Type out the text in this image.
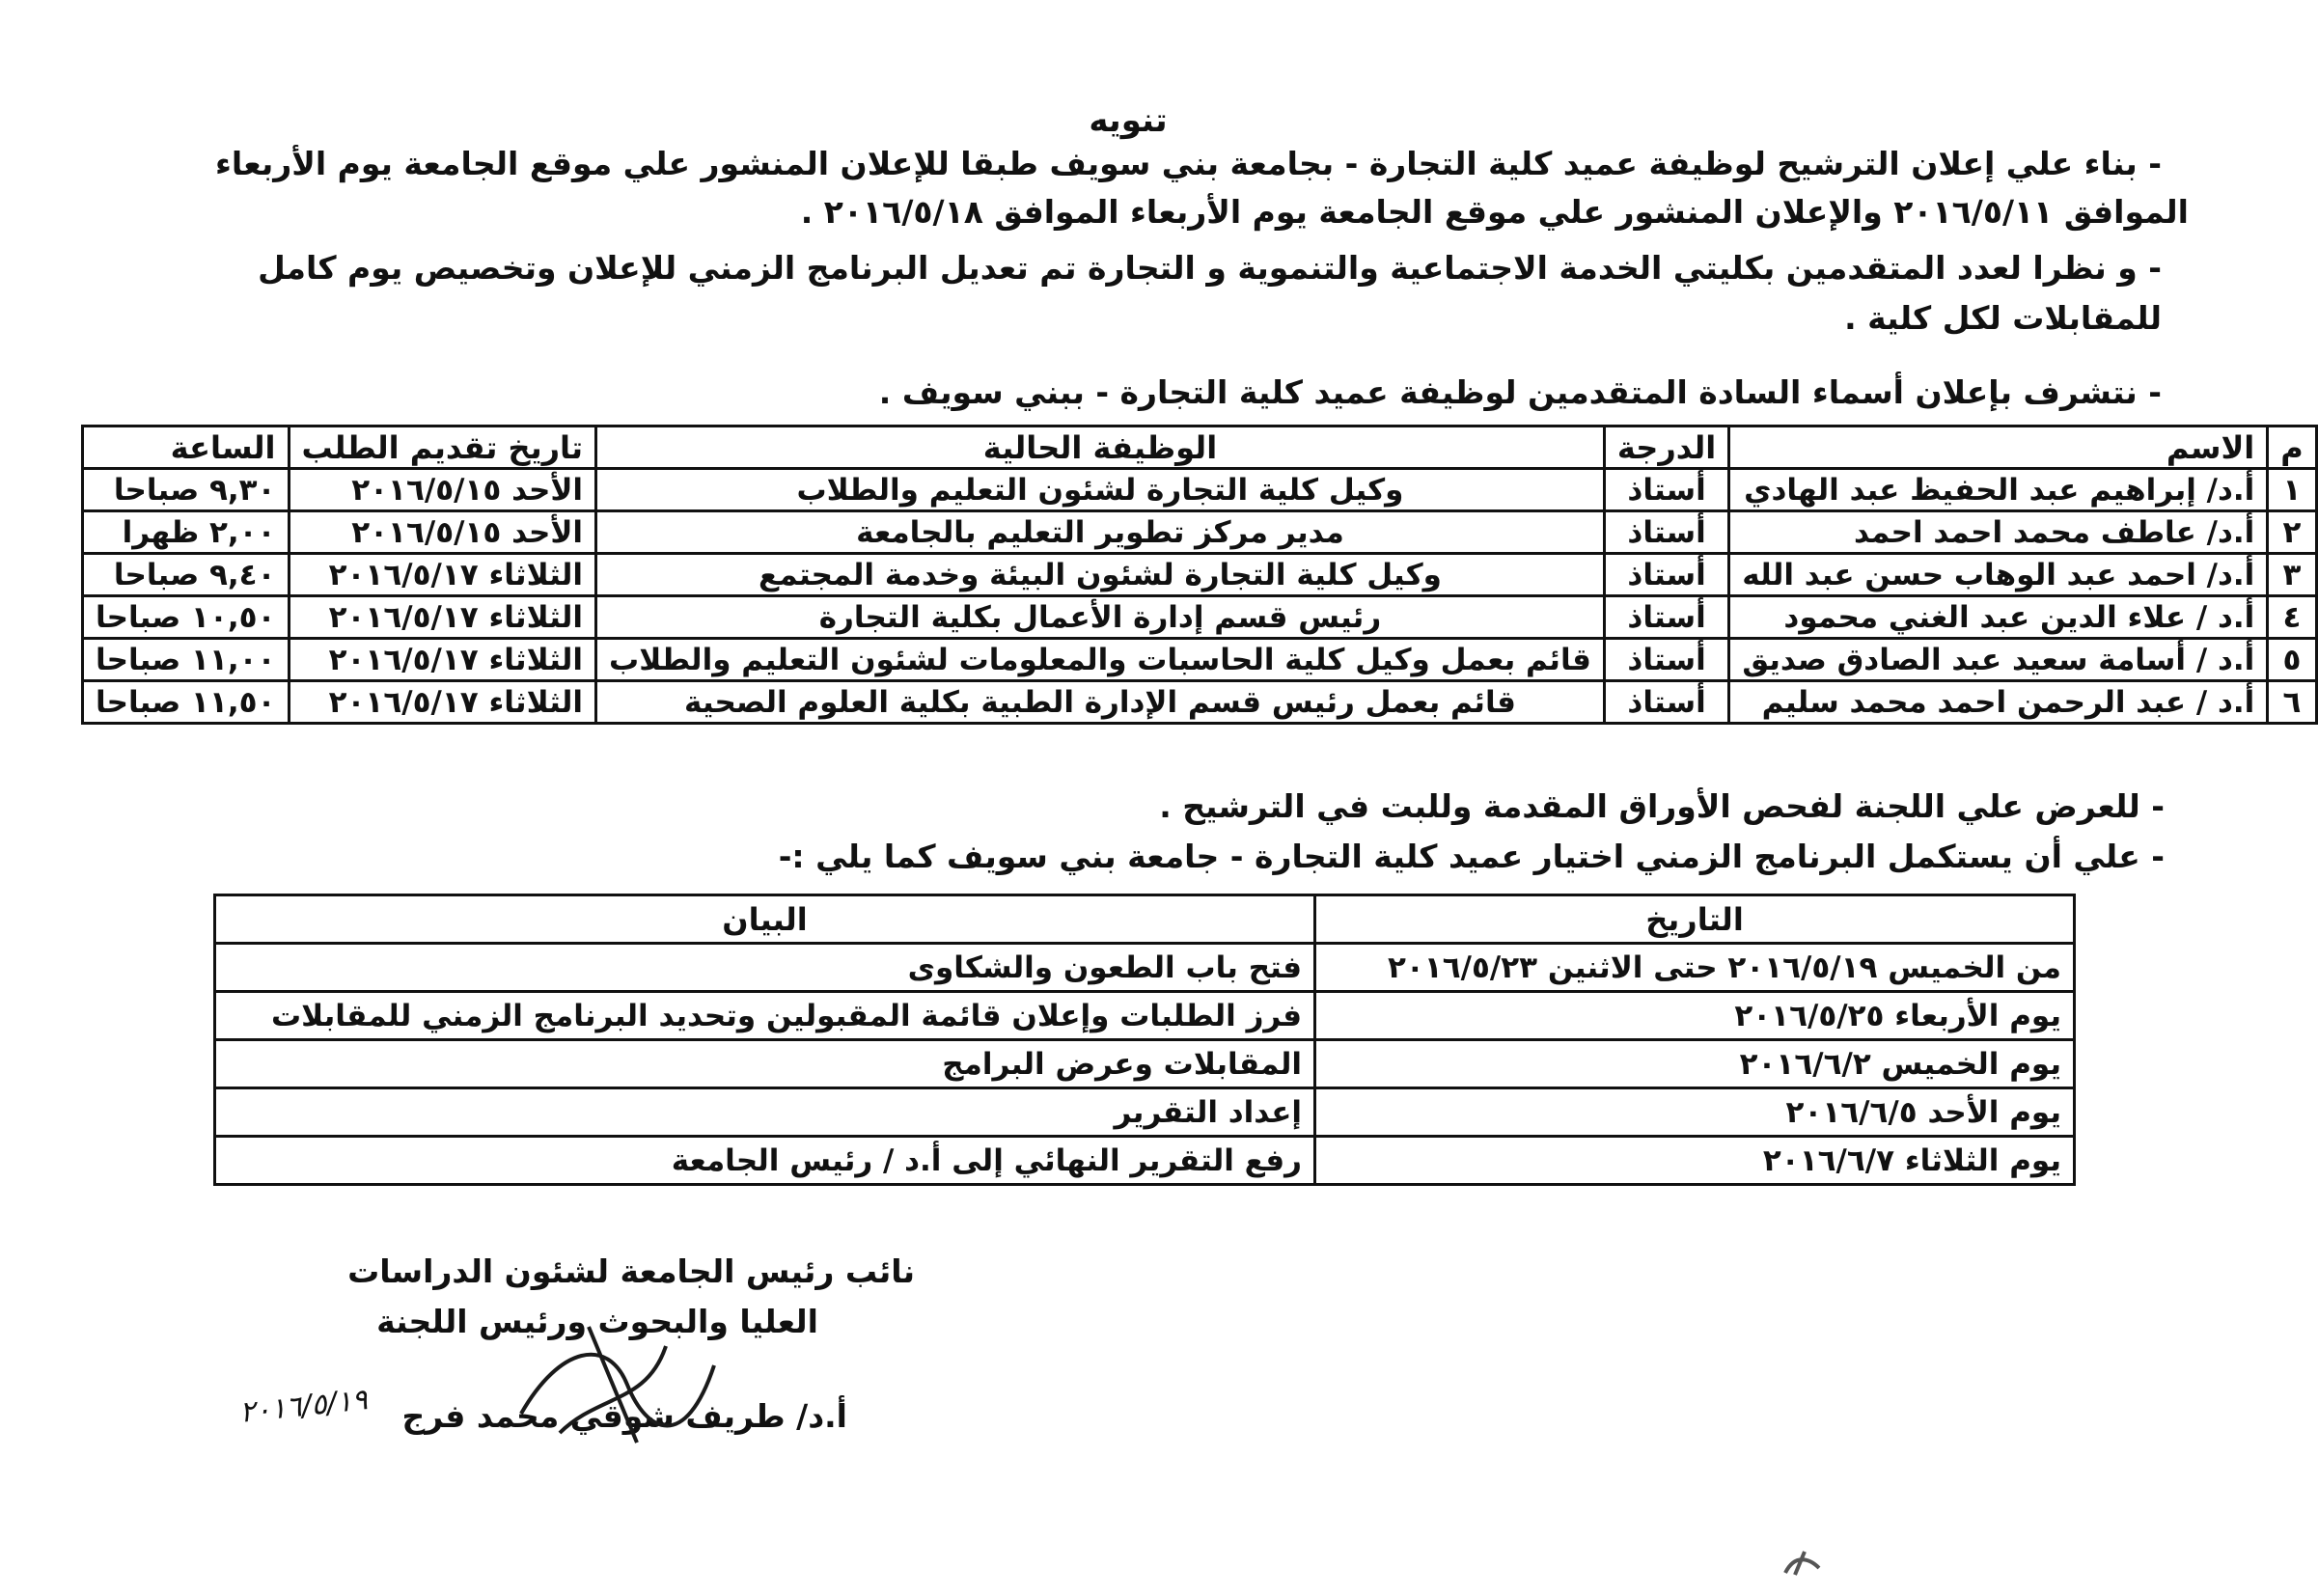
تنويه
- بناء علي إعلان الترشيح لوظيفة عميد كلية التجارة - بجامعة بني سويف طبقا للإعلان المنشور علي موقع الجامعة يوم الأربعاء
الموافق ٢٠١٦/٥/١١ والإعلان المنشور علي موقع الجامعة يوم الأربعاء الموافق ٢٠١٦/٥/١٨ .
- و نظرا لعدد المتقدمين بكليتي الخدمة الاجتماعية والتنموية و التجارة تم تعديل البرنامج الزمني للإعلان وتخصيص يوم كامل
للمقابلات لكل كلية .
- نتشرف بإعلان أسماء السادة المتقدمين لوظيفة عميد كلية التجارة - ببني سويف .
م	الاسم	الدرجة	الوظيفة الحالية	تاريخ تقديم الطلب	الساعة
١	أ.د/ إبراهيم عبد الحفيظ عبد الهادي	أستاذ	وكيل كلية التجارة لشئون التعليم والطلاب	الأحد ٢٠١٦/٥/١٥	٩,٣٠ صباحا
٢	أ.د/ عاطف محمد احمد احمد	أستاذ	مدير مركز تطوير التعليم بالجامعة	الأحد ٢٠١٦/٥/١٥	٢,٠٠ ظهرا
٣	أ.د/ احمد عبد الوهاب حسن عبد الله	أستاذ	وكيل كلية التجارة لشئون البيئة وخدمة المجتمع	الثلاثاء ٢٠١٦/٥/١٧	٩,٤٠ صباحا
٤	أ.د / علاء الدين عبد الغني محمود	أستاذ	رئيس قسم إدارة الأعمال بكلية التجارة	الثلاثاء ٢٠١٦/٥/١٧	١٠,٥٠ صباحا
٥	أ.د / أسامة سعيد عبد الصادق صديق	أستاذ	قائم بعمل وكيل كلية الحاسبات والمعلومات لشئون التعليم والطلاب	الثلاثاء ٢٠١٦/٥/١٧	١١,٠٠ صباحا
٦	أ.د / عبد الرحمن احمد محمد سليم	أستاذ	قائم بعمل رئيس قسم الإدارة الطبية بكلية العلوم الصحية	الثلاثاء ٢٠١٦/٥/١٧	١١,٥٠ صباحا
- للعرض علي اللجنة لفحص الأوراق المقدمة وللبت في الترشيح .
- علي أن يستكمل البرنامج الزمني اختيار عميد كلية التجارة - جامعة بني سويف كما يلي :-
التاريخ	البيان
من الخميس ٢٠١٦/٥/١٩ حتى الاثنين ٢٠١٦/٥/٢٣	فتح باب الطعون والشكاوى
يوم الأربعاء ٢٠١٦/٥/٢٥	فرز الطلبات وإعلان قائمة المقبولين وتحديد البرنامج الزمني للمقابلات
يوم الخميس ٢٠١٦/٦/٢	المقابلات وعرض البرامج
يوم الأحد ٢٠١٦/٦/٥	إعداد التقرير
يوم الثلاثاء ٢٠١٦/٦/٧	رفع التقرير النهائي إلى أ.د / رئيس الجامعة
نائب رئيس الجامعة لشئون الدراسات
العليا والبحوث ورئيس اللجنة
أ.د/ طريف شوقي محمد فرج
٢٠١٦/٥/١٩
